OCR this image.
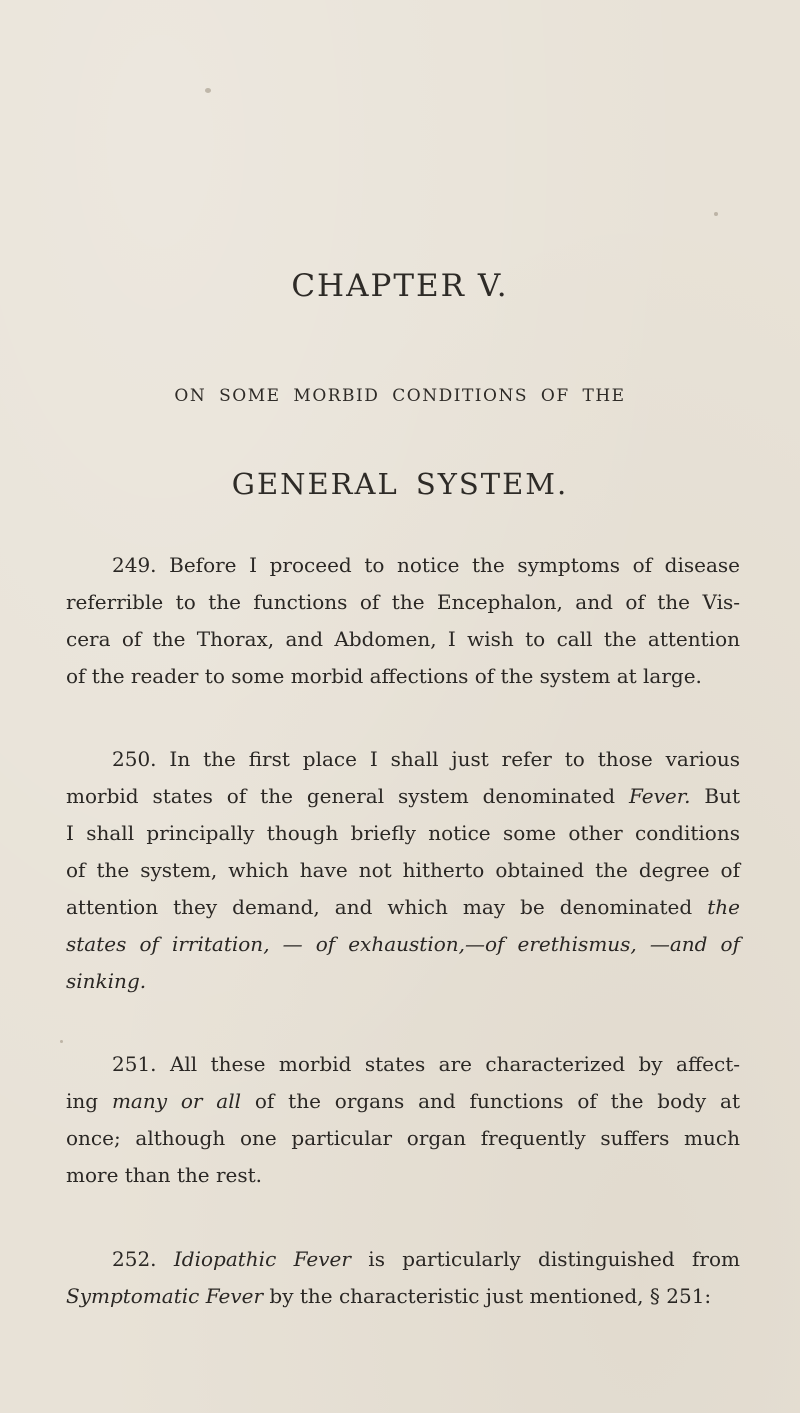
CHAPTER V.
ON SOME MORBID CONDITIONS OF THE
GENERAL SYSTEM.
249. Before I proceed to notice the symptoms of disease
referrible to the functions of the Encephalon, and of the Vis-
cera of the Thorax, and Abdomen, I wish to call the attention
of the reader to some morbid affections of the system at large.
250. In the first place I shall just refer to those various
morbid states of the general system denominated Fever. But
I shall principally though briefly notice some other conditions
of the system, which have not hitherto obtained the degree of
attention they demand, and which may be denominated the
states of irritation, — of exhaustion,—of erethismus, —and of
sinking.
251. All these morbid states are characterized by affect-
ing many or all of the organs and functions of the body at
once; although one particular organ frequently suffers much
more than the rest.
252. Idiopathic Fever is particularly distinguished from
Symptomatic Fever by the characteristic just mentioned, § 251:
